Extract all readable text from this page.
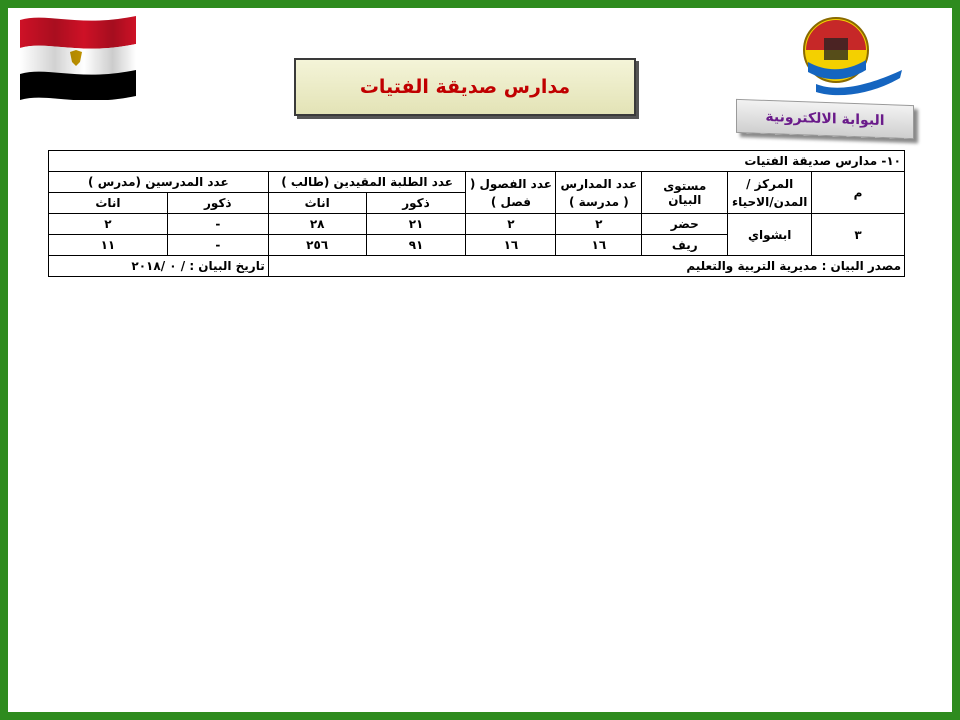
مدارس صديقة الفتيات
البوابة الالكترونية
١٠- مدارس صديقة الفتيات								
م	المركز /المدن/الاحياء	مستوى البيان	عدد المدارس ( مدرسة )	عدد الفصول ( فصل )	عدد الطلبة المقيدين (طالب )		عدد المدرسين (مدرس )	
					ذكور	اناث	ذكور	اناث
٣	ابشواي	حضر	٢	٢	٢١	٢٨	-	٢
		ريف	١٦	١٦	٩١	٢٥٦	-	١١
مصدر البيان : مديرية التربية والتعليم							تاريخ البيان : / ٠ /٢٠١٨	
